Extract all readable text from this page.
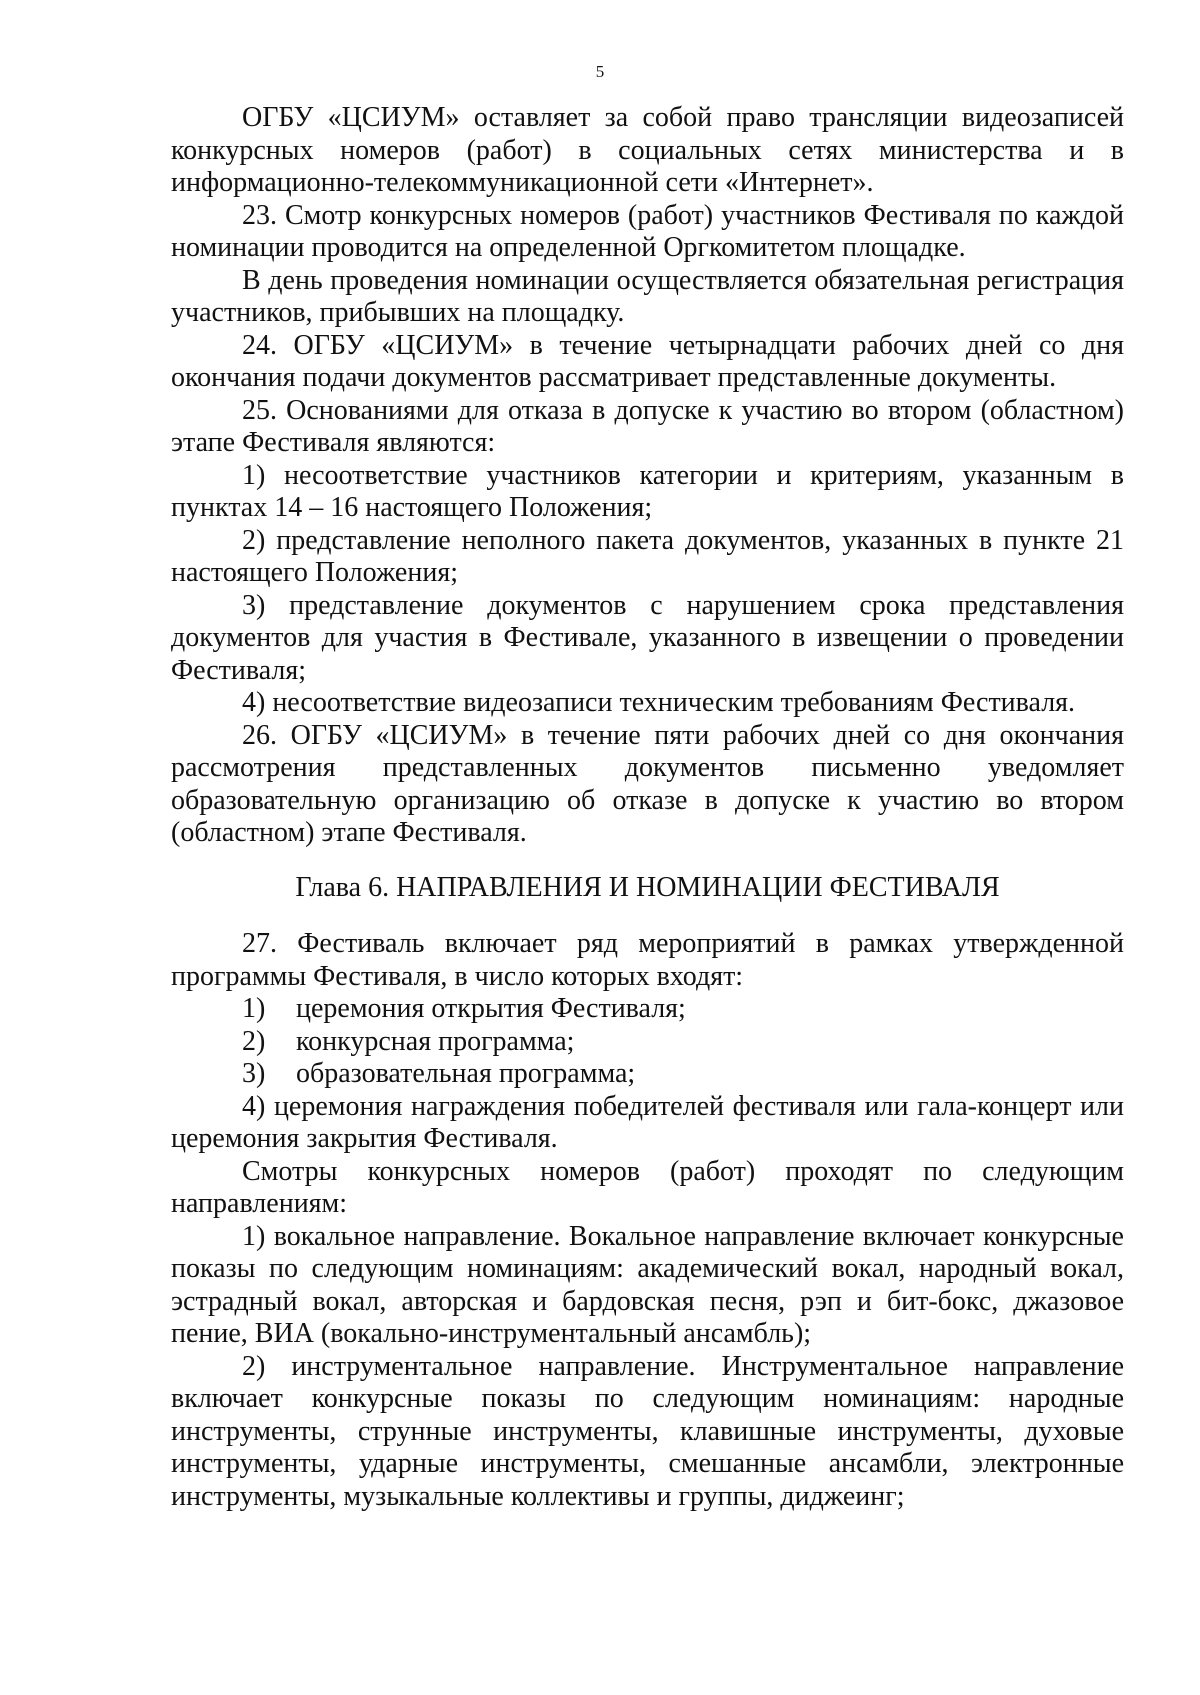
5

ОГБУ «ЦСИУМ» оставляет за собой право трансляции видеозаписей конкурсных номеров (работ) в социальных сетях министерства и в информационно-телекоммуникационной сети «Интернет».

23. Смотр конкурсных номеров (работ) участников Фестиваля по каждой номинации проводится на определенной Оргкомитетом площадке.

В день проведения номинации осуществляется обязательная регистрация участников, прибывших на площадку.

24. ОГБУ «ЦСИУМ» в течение четырнадцати рабочих дней со дня окончания подачи документов рассматривает представленные документы.

25. Основаниями для отказа в допуске к участию во втором (областном) этапе Фестиваля являются:

1) несоответствие участников категории и критериям, указанным в пунктах 14 – 16 настоящего Положения;

2) представление неполного пакета документов, указанных в пункте 21 настоящего Положения;

3) представление документов с нарушением срока представления документов для участия в Фестивале, указанного в извещении о проведении Фестиваля;

4) несоответствие видеозаписи техническим требованиям Фестиваля.

26. ОГБУ «ЦСИУМ» в течение пяти рабочих дней со дня окончания рассмотрения представленных документов письменно уведомляет образовательную организацию об отказе в допуске к участию во втором (областном) этапе Фестиваля.

Глава 6. НАПРАВЛЕНИЯ И НОМИНАЦИИ ФЕСТИВАЛЯ

27. Фестиваль включает ряд мероприятий в рамках утвержденной программы Фестиваля, в число которых входят:

1)	церемония открытия Фестиваля;
2)	конкурсная программа;
3)	образовательная программа;

4) церемония награждения победителей фестиваля или гала-концерт или церемония закрытия Фестиваля.

Смотры конкурсных номеров (работ) проходят по следующим направлениям:

1) вокальное направление. Вокальное направление включает конкурсные показы по следующим номинациям: академический вокал, народный вокал, эстрадный вокал, авторская и бардовская песня, рэп и бит-бокс, джазовое пение, ВИА (вокально-инструментальный ансамбль);

2) инструментальное направление. Инструментальное направление включает конкурсные показы по следующим номинациям: народные инструменты, струнные инструменты, клавишные инструменты, духовые инструменты, ударные инструменты, смешанные ансамбли, электронные инструменты, музыкальные коллективы и группы, диджеинг;
